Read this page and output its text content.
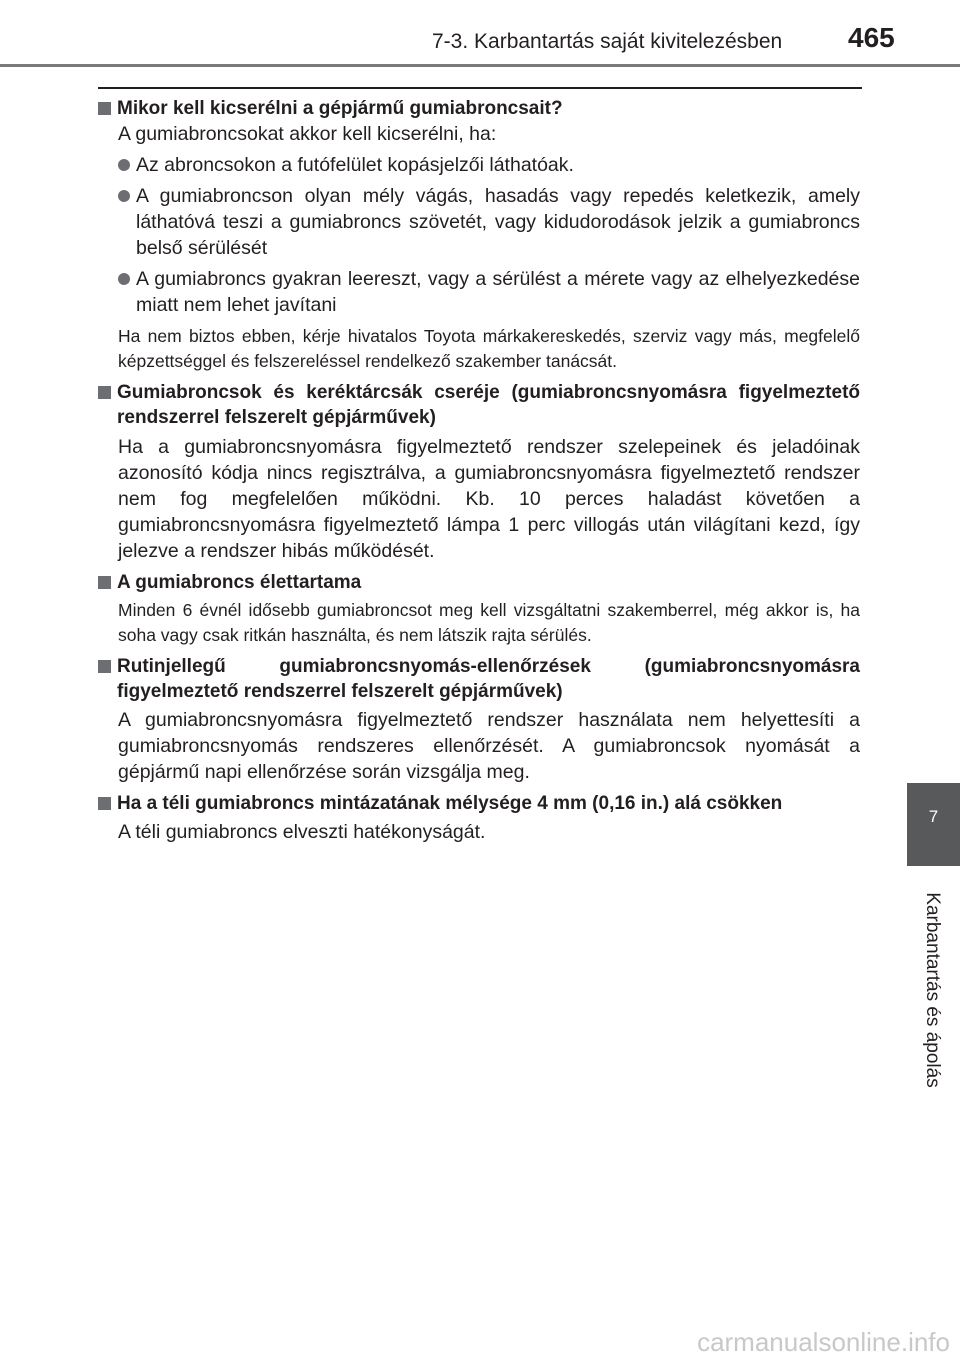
7-3. Karbantartás saját kivitelezésben 465
Mikor kell kicserélni a gépjármű gumiabroncsait?
A gumiabroncsokat akkor kell kicserélni, ha:
Az abroncsokon a futófelület kopásjelzői láthatóak.
A gumiabroncson olyan mély vágás, hasadás vagy repedés keletkezik, amely láthatóvá teszi a gumiabroncs szövetét, vagy kidudorodások jelzik a gumiabroncs belső sérülését
A gumiabroncs gyakran leereszt, vagy a sérülést a mérete vagy az elhelyezkedése miatt nem lehet javítani
Ha nem biztos ebben, kérje hivatalos Toyota márkakereskedés, szerviz vagy más, megfelelő képzettséggel és felszereléssel rendelkező szakember tanácsát.
Gumiabroncsok és keréktárcsák cseréje (gumiabroncsnyomásra figyelmeztető rendszerrel felszerelt gépjárművek)
Ha a gumiabroncsnyomásra figyelmeztető rendszer szelepeinek és jeladóinak azonosító kódja nincs regisztrálva, a gumiabroncsnyomásra figyelmeztető rendszer nem fog megfelelően működni. Kb. 10 perces haladást követően a gumiabroncsnyomásra figyelmeztető lámpa 1 perc villogás után világítani kezd, így jelezve a rendszer hibás működését.
A gumiabroncs élettartama
Minden 6 évnél idősebb gumiabroncsot meg kell vizsgáltatni szakemberrel, még akkor is, ha soha vagy csak ritkán használta, és nem látszik rajta sérülés.
Rutinjellegű gumiabroncsnyomás-ellenőrzések (gumiabroncsnyomásra figyelmeztető rendszerrel felszerelt gépjárművek)
A gumiabroncsnyomásra figyelmeztető rendszer használata nem helyettesíti a gumiabroncsnyomás rendszeres ellenőrzését. A gumiabroncsok nyomását a gépjármű napi ellenőrzése során vizsgálja meg.
Ha a téli gumiabroncs mintázatának mélysége 4 mm (0,16 in.) alá csökken
A téli gumiabroncs elveszti hatékonyságát.
7
Karbantartás és ápolás
carmanualsonline.info
